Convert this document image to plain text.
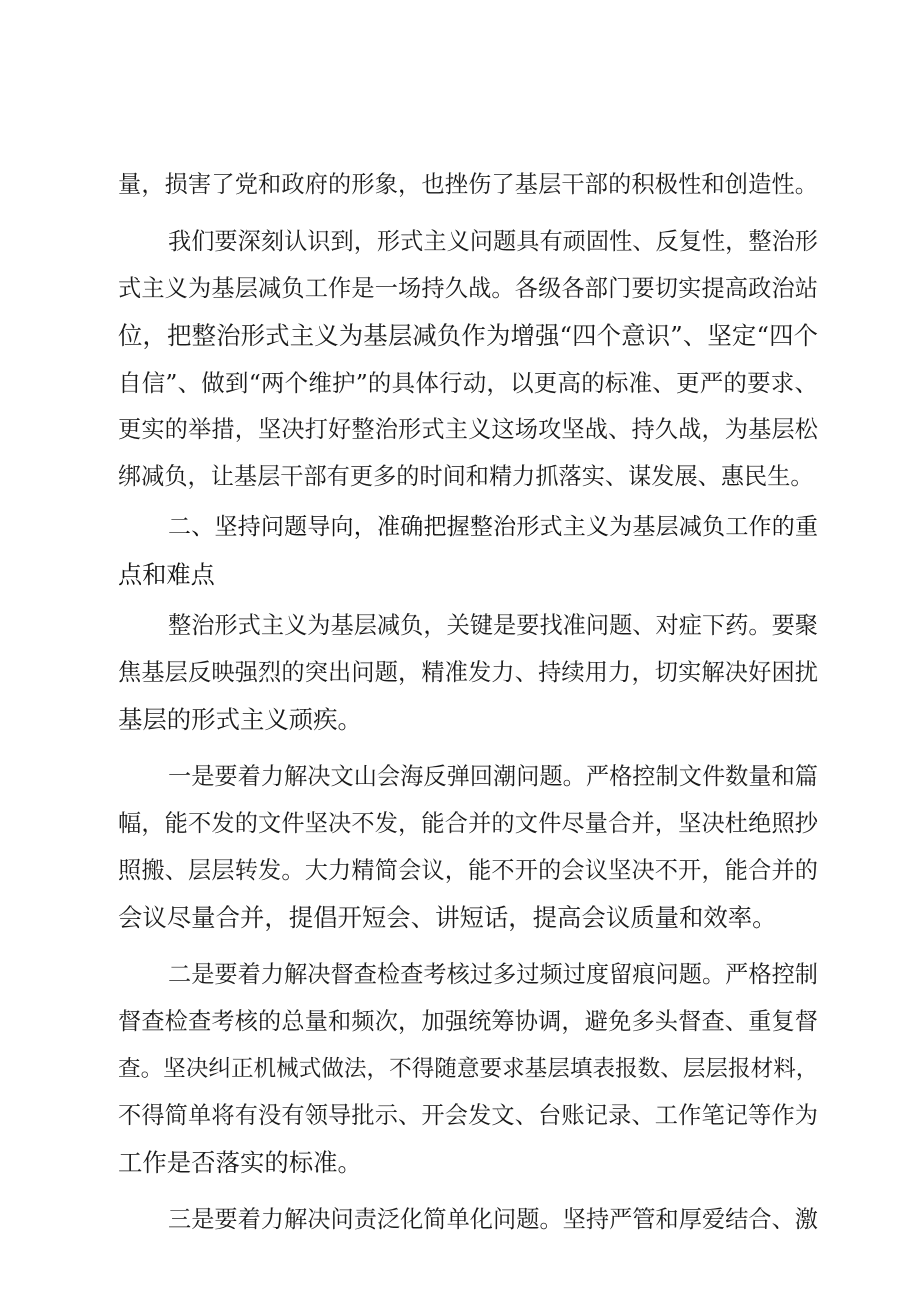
量，损害了党和政府的形象，也挫伤了基层干部的积极性和创造性。
我们要深刻认识到，形式主义问题具有顽固性、反复性，整治形
式主义为基层减负工作是一场持久战。各级各部门要切实提高政治站
位，把整治形式主义为基层减负作为增强“四个意识”、坚定“四个
自信”、做到“两个维护”的具体行动，以更高的标准、更严的要求、
更实的举措，坚决打好整治形式主义这场攻坚战、持久战，为基层松
绑减负，让基层干部有更多的时间和精力抓落实、谋发展、惠民生。
二、坚持问题导向，准确把握整治形式主义为基层减负工作的重
点和难点
整治形式主义为基层减负，关键是要找准问题、对症下药。要聚
焦基层反映强烈的突出问题，精准发力、持续用力，切实解决好困扰
基层的形式主义顽疾。
一是要着力解决文山会海反弹回潮问题。严格控制文件数量和篇
幅，能不发的文件坚决不发，能合并的文件尽量合并，坚决杜绝照抄
照搬、层层转发。大力精简会议，能不开的会议坚决不开，能合并的
会议尽量合并，提倡开短会、讲短话，提高会议质量和效率。
二是要着力解决督查检查考核过多过频过度留痕问题。严格控制
督查检查考核的总量和频次，加强统筹协调，避免多头督查、重复督
查。坚决纠正机械式做法，不得随意要求基层填表报数、层层报材料，
不得简单将有没有领导批示、开会发文、台账记录、工作笔记等作为
工作是否落实的标准。
三是要着力解决问责泛化简单化问题。坚持严管和厚爱结合、激
